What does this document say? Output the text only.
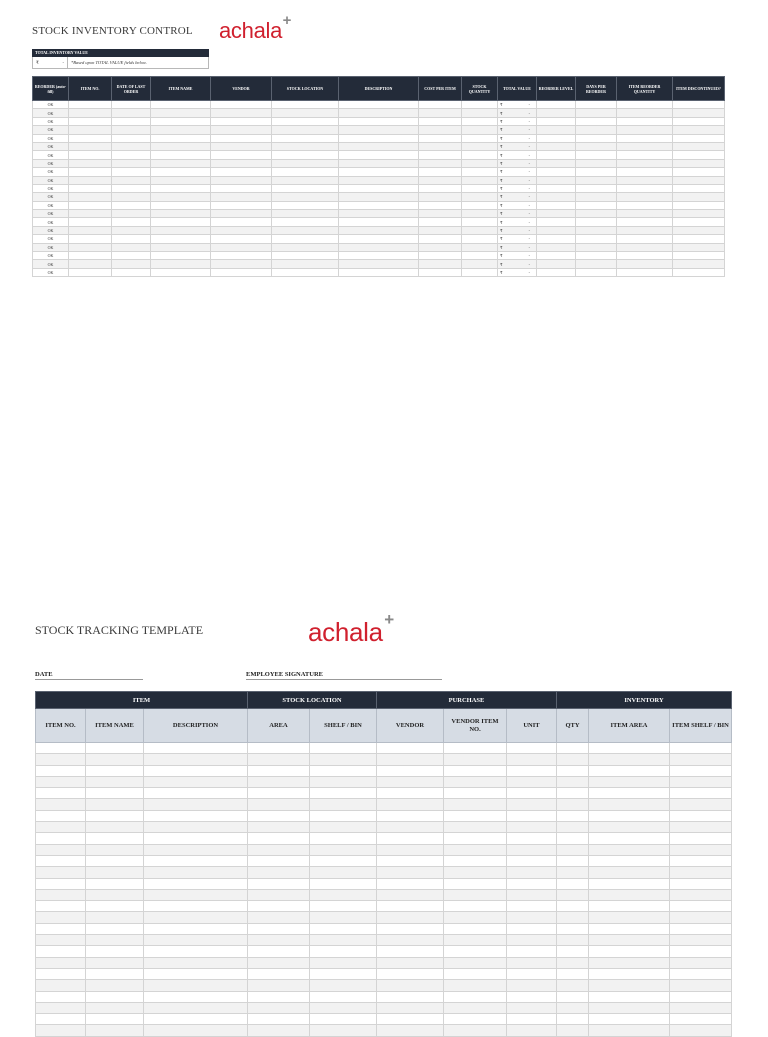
STOCK INVENTORY CONTROL achala +
TOTAL INVENTORY VALUE
₹	-	*Based upon TOTAL VALUE fields below.
REORDER (auto-fill)	ITEM NO.	DATE OF LAST ORDER	ITEM NAME	VENDOR	STOCK LOCATION	DESCRIPTION	COST PER ITEM	STOCK QUANTITY	TOTAL VALUE	REORDER LEVEL	DAYS PER REORDER	ITEM REORDER QUANTITY	ITEM DISCONTINUED?
OK									₹ -				

OK									₹ -				

OK									₹ -				

OK									₹ -				

OK									₹ -				

OK									₹ -				

OK									₹ -				

OK									₹ -				

OK									₹ -				

OK									₹ -				

OK									₹ -				

OK									₹ -				

OK									₹ -				

OK									₹ -				

OK									₹ -				

OK									₹ -				

OK									₹ -				

OK									₹ -				

OK									₹ -				

OK									₹ -				

OK									₹ -				

STOCK TRACKING TEMPLATE	achala +
DATE	EMPLOYEE SIGNATURE
ITEM			STOCK LOCATION		PURCHASE			INVENTORY		
ITEM NO.	ITEM NAME	DESCRIPTION	AREA	SHELF / BIN	VENDOR	VENDOR ITEM NO.	UNIT	QTY	ITEM AREA	ITEM SHELF / BIN
